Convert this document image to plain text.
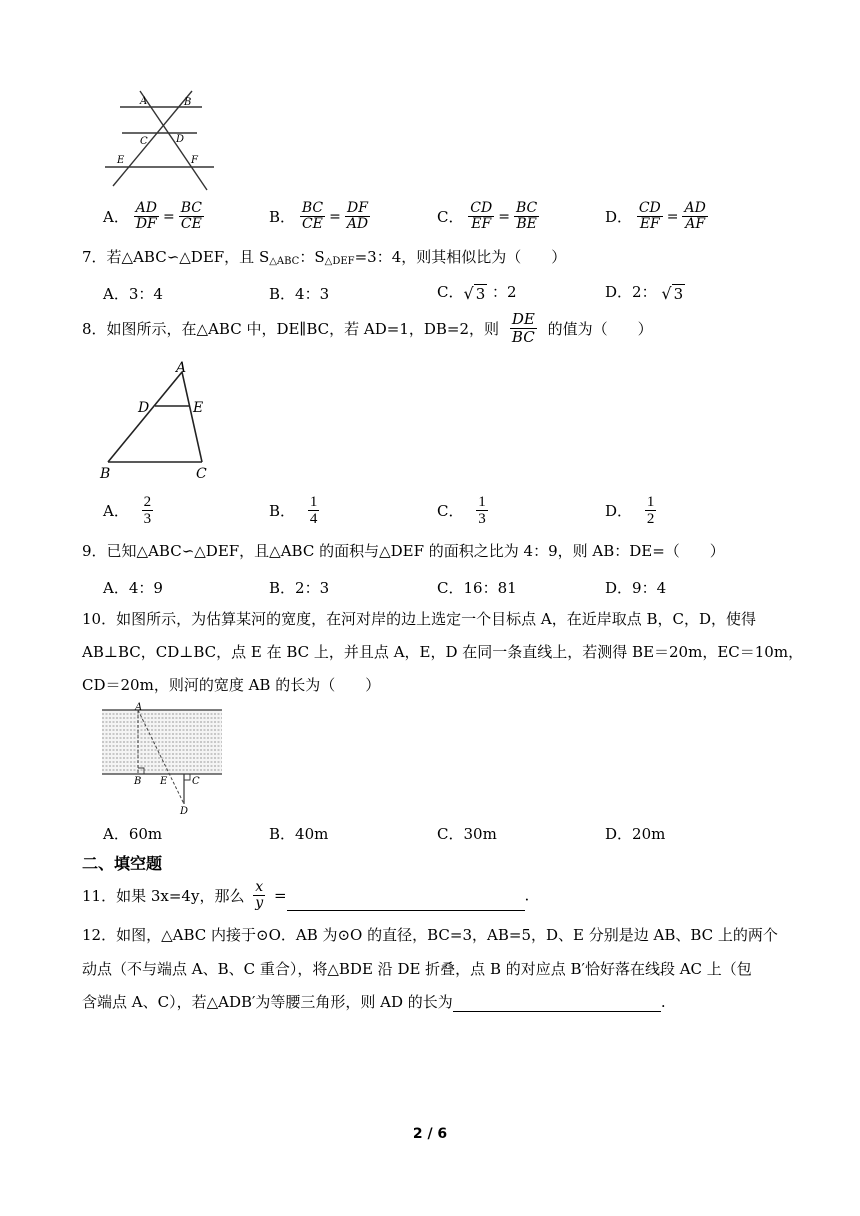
A	B
C	D
E	F
A． $\frac{AD}{DF} = \frac{BC}{CE}$	B． $\frac{BC}{CE} = \frac{DF}{AD}$	C． $\frac{CD}{EF} = \frac{BC}{BE}$	D． $\frac{CD}{EF} = \frac{AD}{AF}$
7．若△ABC∽△DEF，且 $S_{\triangle ABC}$：$S_{\triangle DEF}=3$：4，则其相似比为（　　）
A．3：4	B．4：3	C．√ 3 ：2	D．2： √ 3
8．如图所示，在△ABC 中，DE∥BC，若 AD=1，DB=2，则 $\frac{DE}{BC}$ 的值为（　　）
A
D	E
B	C
A． $\frac{2}{3}$	B． $\frac{1}{4}$	C． $\frac{1}{3}$	D． $\frac{1}{2}$
9．已知△ABC∽△DEF，且△ABC 的面积与△DEF 的面积之比为 4：9，则 AB：DE=（　　）
A．4：9	B．2：3	C．16：81	D．9：4
10．如图所示，为估算某河的宽度，在河对岸的边上选定一个目标点 A，在近岸取点 B，C，D，使得
AB⊥BC，CD⊥BC，点 E 在 BC 上，并且点 A，E，D 在同一条直线上，若测得 BE＝20m，EC＝10m，
CD＝20m，则河的宽度 AB 的长为（　　）
A
B E C
D
A．60m	B．40m	C．30m	D．20m
二、填空题
11．如果 3x=4y，那么 $\frac{x}{y}$ =	.
12．如图，△ABC 内接于⊙O．AB 为⊙O 的直径，BC=3，AB=5，D、E 分别是边 AB、BC 上的两个
动点（不与端点 A、B、C 重合），将△BDE 沿 DE 折叠，点 B 的对应点 B′恰好落在线段 AC 上（包
含端点 A、C），若△ADB′为等腰三角形，则 AD 的长为	.
2 / 6
